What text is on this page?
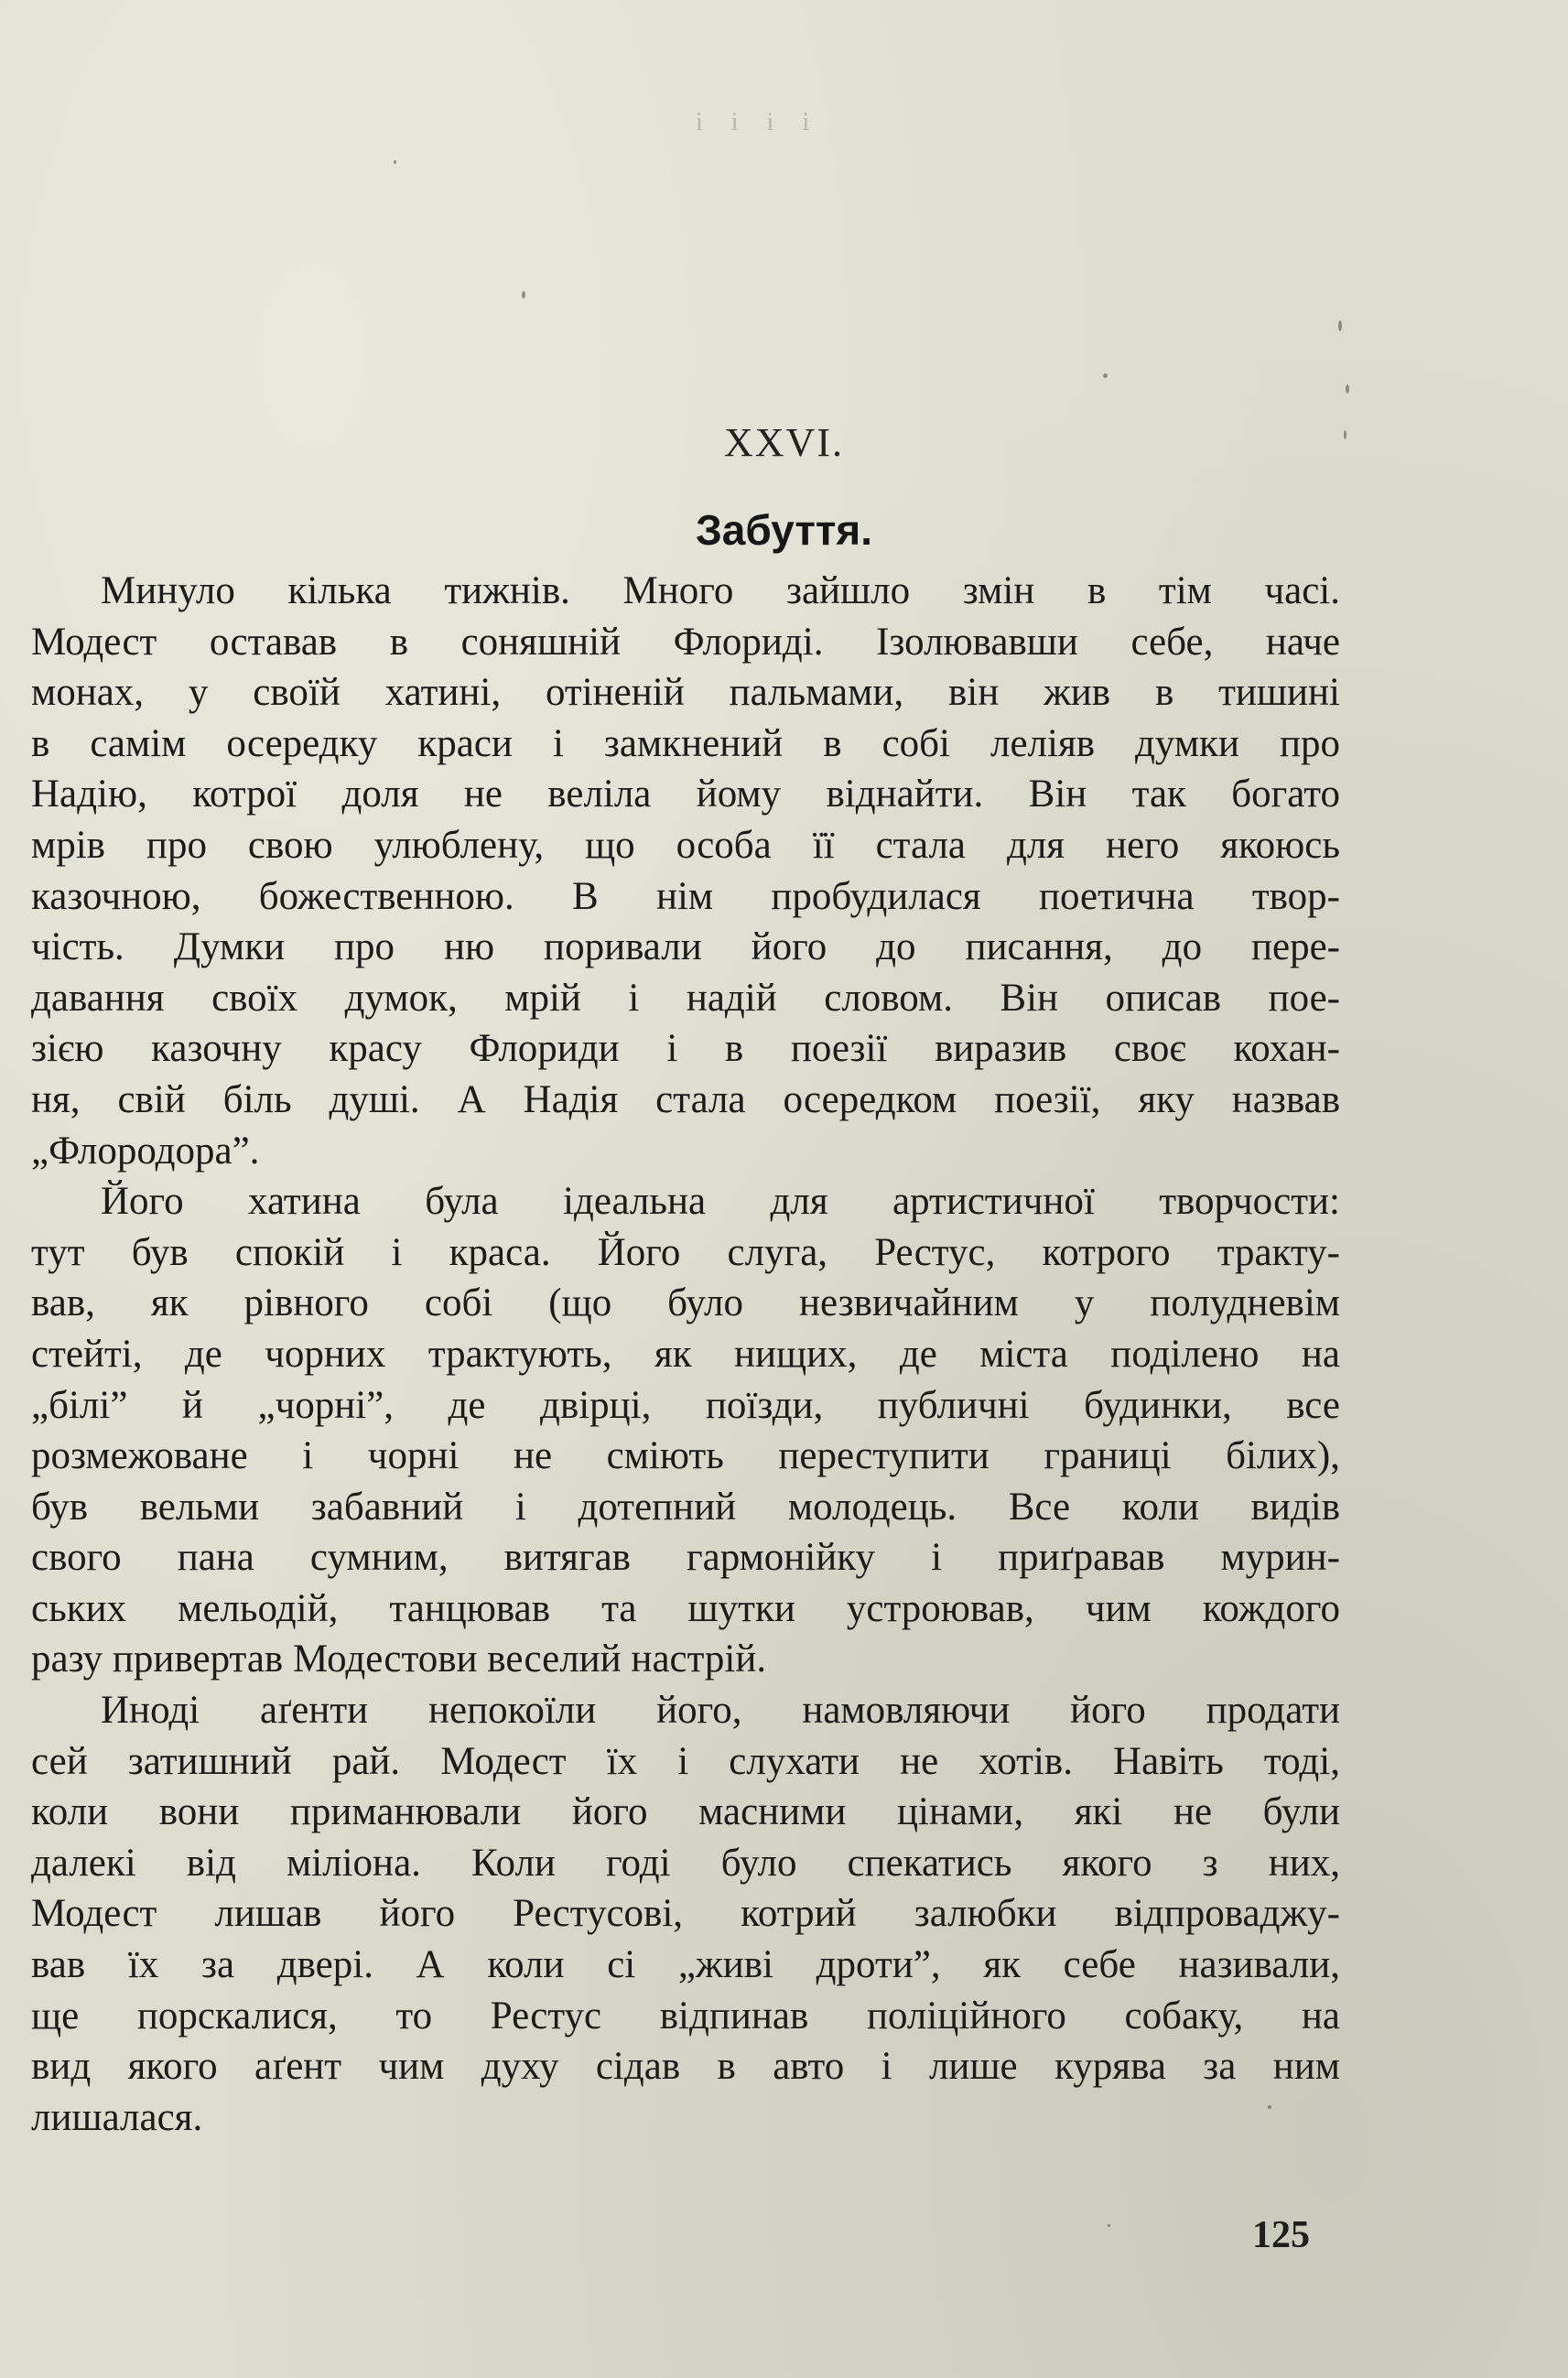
і і і і
XXVI.
Забуття.
Минуло кілька тижнів. Много зайшло змін в тім часі.
Модест оставав в соняшній Флориді. Ізолювавши себе, наче
монах, у своїй хатині, отіненій пальмами, він жив в тишині
в самім осередку краси і замкнений в собі леліяв думки про
Надію, котрої доля не веліла йому віднайти. Він так богато
мрів про свою улюблену, що особа її стала для него якоюсь
казочною, божественною. В нім пробудилася поетична твор-
чість. Думки про ню поривали його до писання, до пере-
давання своїх думок, мрій і надій словом. Він описав пое-
зією казочну красу Флориди і в поезії виразив своє кохан-
ня, свій біль душі. А Надія стала осередком поезії, яку назвав
„Флородора”.
Його хатина була ідеальна для артистичної творчости:
тут був спокій і краса. Його слуга, Рестус, котрого тракту-
вав, як рівного собі (що було незвичайним у полудневім
стейті, де чорних трактують, як нищих, де міста поділено на
„білі” й „чорні”, де двірці, поїзди, публичні будинки, все
розмежоване і чорні не сміють переступити границі білих),
був вельми забавний і дотепний молодець. Все коли видів
свого пана сумним, витягав гармонійку і приґравав мурин-
ських мельодій, танцював та шутки устроював, чим кождого
разу привертав Модестови веселий настрій.
Иноді аґенти непокоїли його, намовляючи його продати
сей затишний рай. Модест їх і слухати не хотів. Навіть тоді,
коли вони приманювали його масними цінами, які не були
далекі від міліона. Коли годі було спекатись якого з них,
Модест лишав його Рестусові, котрий залюбки відпроваджу-
вав їх за двері. А коли сі „живі дроти”, як себе називали,
ще порскалися, то Рестус відпинав поліційного собаку, на
вид якого аґент чим духу сідав в авто і лише курява за ним
лишалася.
125
